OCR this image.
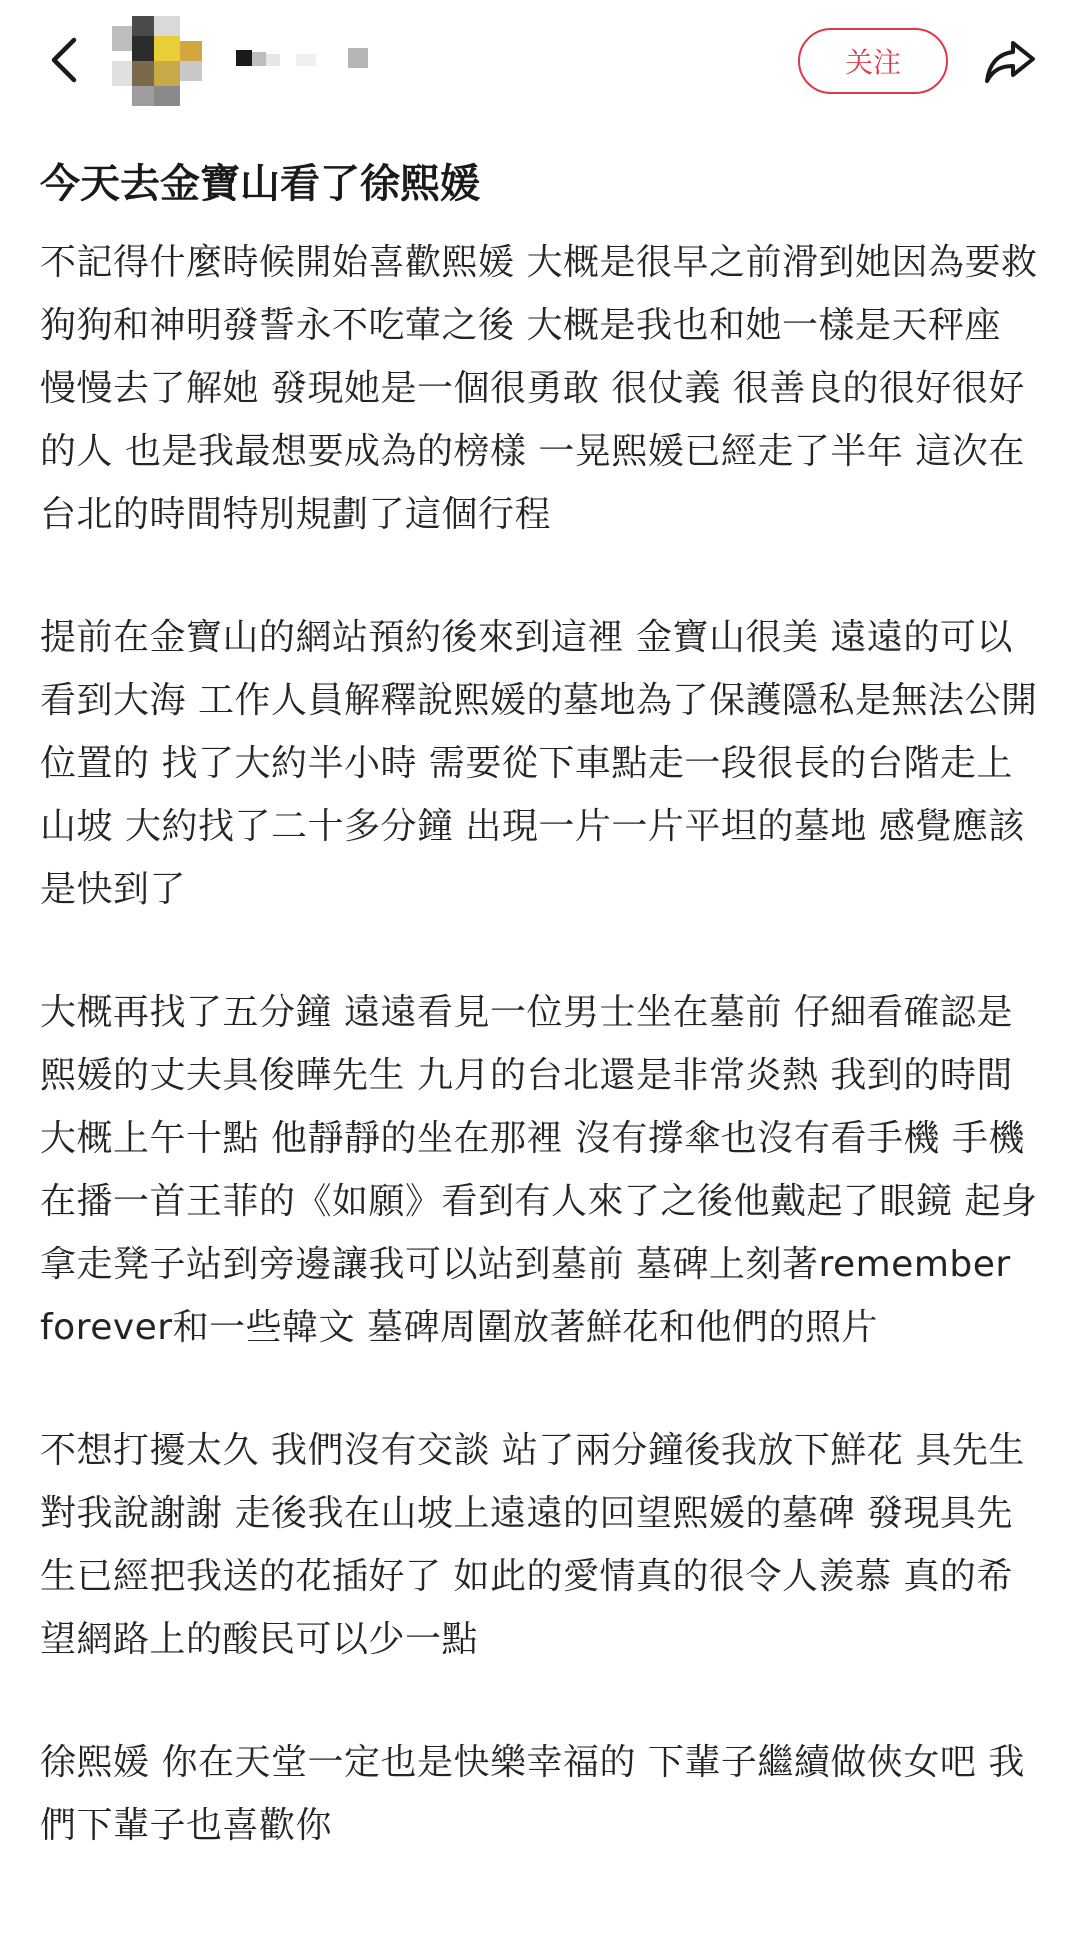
关注
今天去金寶山看了徐熙媛

不記得什麼時候開始喜歡熙媛 大概是很早之前滑到她因為要救狗狗和神明發誓永不吃葷之後 大概是我也和她一樣是天秤座 慢慢去了解她 發現她是一個很勇敢 很仗義 很善良的很好很好的人 也是我最想要成為的榜樣 一晃熙媛已經走了半年 這次在台北的時間特別規劃了這個行程

提前在金寶山的網站預約後來到這裡 金寶山很美 遠遠的可以看到大海 工作人員解釋說熙媛的墓地為了保護隱私是無法公開位置的 找了大約半小時 需要從下車點走一段很長的台階走上山坡 大約找了二十多分鐘 出現一片一片平坦的墓地 感覺應該是快到了

大概再找了五分鐘 遠遠看見一位男士坐在墓前 仔細看確認是熙媛的丈夫具俊曄先生 九月的台北還是非常炎熱 我到的時間大概上午十點 他靜靜的坐在那裡 沒有撐傘也沒有看手機 手機在播一首王菲的《如願》看到有人來了之後他戴起了眼鏡 起身拿走凳子站到旁邊讓我可以站到墓前 墓碑上刻著remember forever和一些韓文 墓碑周圍放著鮮花和他們的照片

不想打擾太久 我們沒有交談 站了兩分鐘後我放下鮮花 具先生對我說謝謝 走後我在山坡上遠遠的回望熙媛的墓碑 發現具先生已經把我送的花插好了 如此的愛情真的很令人羨慕 真的希望網路上的酸民可以少一點

徐熙媛 你在天堂一定也是快樂幸福的 下輩子繼續做俠女吧 我們下輩子也喜歡你
